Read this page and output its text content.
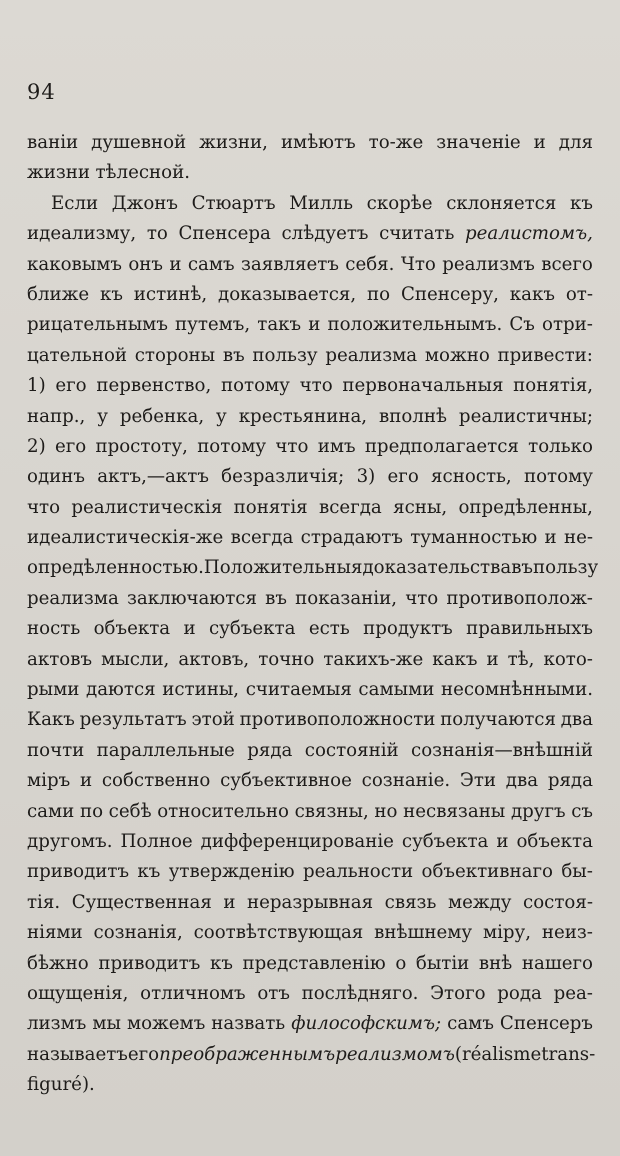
94
ваніи душевной жизни, имѣютъ то-же значеніе и для
жизни тѣлесной.
Если Джонъ Стюартъ Милль скорѣе склоняется къ
идеализму, то Спенсера слѣдуетъ считать реалистомъ,
каковымъ онъ и самъ заявляетъ себя. Что реализмъ всего
ближе къ истинѣ, доказывается, по Спенсеру, какъ от-
рицательнымъ путемъ, такъ и положительнымъ. Съ отри-
цательной стороны въ пользу реализма можно привести:
1) его первенство, потому что первоначальныя понятія,
напр., у ребенка, у крестьянина, вполнѣ реалистичны;
2) его простоту, потому что имъ предполагается только
одинъ актъ,—актъ безразличія; 3) его ясность, потому
что реалистическія понятія всегда ясны, опредѣленны,
идеалистическія-же всегда страдаютъ туманностью и не-
опредѣленностью. Положительныя доказательства въ пользу
реализма заключаются въ показаніи, что противополож-
ность объекта и субъекта есть продуктъ правильныхъ
актовъ мысли, актовъ, точно такихъ-же какъ и тѣ, кото-
рыми даются истины, считаемыя самыми несомнѣнными.
Какъ результатъ этой противоположности получаются два
почти параллельные ряда состояній сознанія—внѣшній
міръ и собственно субъективное сознаніе. Эти два ряда
сами по себѣ относительно связны, но несвязаны другъ съ
другомъ. Полное дифференцированіе субъекта и объекта
приводитъ къ утвержденію реальности объективнаго бы-
тія. Существенная и неразрывная связь между состоя-
ніями сознанія, соотвѣтствующая внѣшнему міру, неиз-
бѣжно приводитъ къ представленію о бытіи внѣ нашего
ощущенія, отличномъ отъ послѣдняго. Этого рода реа-
лизмъ мы можемъ назвать философскимъ; самъ Спенсеръ
называетъ его преображеннымъ реализмомъ (réalisme trans-
figuré).
